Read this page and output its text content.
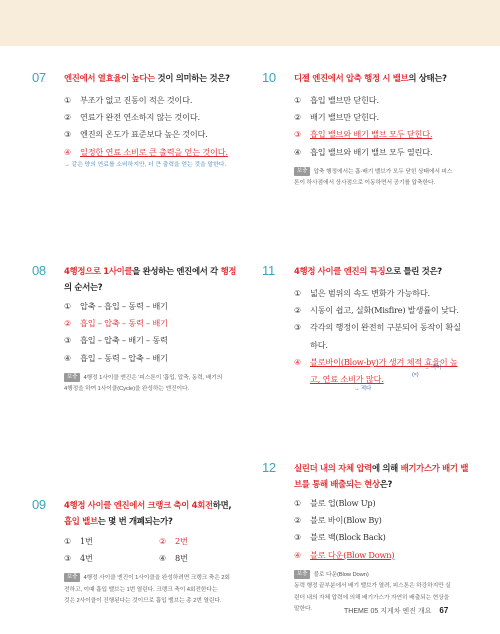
07	엔진에서 열효율이 높다는 것이 의미하는 것은?
①	부조가 없고 진동이 적은 것이다.
②	연료가 완전 연소하지 않는 것이다.
③	엔진의 온도가 표준보다 높은 것이다.
④	일정한 연료 소비로 큰 출력을 얻는 것이다.
→ 같은 양의 연료를 소비하지만, 더 큰 출력을 얻는 것을 말한다.
10	디젤 엔진에서 압축 행정 시 밸브의 상태는?
①	흡입 밸브만 닫힌다.
②	배기 밸브만 닫힌다.
③	흡입 밸브와 배기 밸브 모두 닫힌다.
④	흡입 밸브와 배기 밸브 모두 열린다.
보충 압축 행정에서는 흡·배기 밸브가 모두 닫힌 상태에서 피스
톤이 하사점에서 상사점으로 이동하면서 공기를 압축한다.
08	4행정으로 1사이클을 완성하는 엔진에서 각 행정
의 순서는?
①	압축 – 흡입 – 동력 – 배기
②	흡입 – 압축 – 동력 – 배기
③	흡입 – 압축 – 배기 – 동력
④	흡입 – 동력 – 압축 – 배기
보충 4행정 1사이클 엔진은 '피스톤이 '흡입, 압축, 동력, 배기의
4행정을 하여 1사이클(Cycle)을 완성하는 엔진이다.
11	4행정 사이클 엔진의 특징으로 틀린 것은?
①	넓은 범위의 속도 변화가 가능하다.
②	시동이 쉽고, 실화(Misfire) 발생률이 낮다.
③	각각의 행정이 완전히 구분되어 동작이 확실
하다.
④	블로바이(Blow-by)가 생겨 체적 효율이 높
고, 연료 소비가 많다.	(×)
→ 적어
→ 적다
12	실린더 내의 자체 압력에 의해 배기가스가 배기 밸
브를 통해 배출되는 현상은?
①	블로 업(Blow Up)
②	블로 바이(Blow By)
③	블로 백(Block Back)
④	블로 다운(Blow Down)
보충 블로 다운(Blow Down)
동력 행정 끝부분에서 배기 밸브가 열려, 피스톤은 하강하지만 실
린더 내의 자체 압력에 의해 배기가스가 자연히 배출되는 현상을
말한다.
09	4행정 사이클 엔진에서 크랭크 축이 4회전하면,
흡입 밸브는 몇 번 개폐되는가?
①	1번	②	2번
③	4번	④	8번
보충 4행정 사이클 엔진이 1사이클을 완성하려면 크랭크 축은 2회
전하고, 이때 흡입 밸브는 1번 열린다. 크랭크 축이 4회전한다는
것은 2사이클이 진행된다는 것이므로 흡입 밸브는 총 2번 열린다.
THEME 05 지게차 엔진 개요 67
